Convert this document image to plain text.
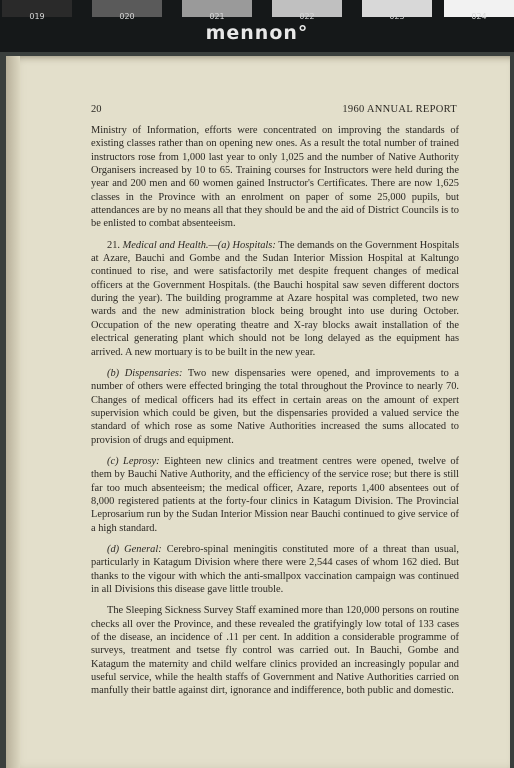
019	020	021	022	023	024
mennon°
20	1960 ANNUAL REPORT

Ministry of Information, efforts were concentrated on improving the standards of existing classes rather than on opening new ones. As a result the total number of trained instructors rose from 1,000 last year to only 1,025 and the number of Native Authority Organisers increased by 10 to 65. Training courses for Instructors were held during the year and 200 men and 60 women gained Instructor's Certificates. There are now 1,625 classes in the Province with an enrolment on paper of some 25,000 pupils, but attendances are by no means all that they should be and the aid of District Councils is to be enlisted to combat absenteeism.

21. Medical and Health.—(a) Hospitals: The demands on the Government Hospitals at Azare, Bauchi and Gombe and the Sudan Interior Mission Hospital at Kaltungo continued to rise, and were satisfactorily met despite frequent changes of medical officers at the Government Hospitals. (the Bauchi hospital saw seven different doctors during the year). The building programme at Azare hospital was completed, two new wards and the new administration block being brought into use during October. Occupation of the new operating theatre and X-ray blocks await installation of the electrical generating plant which should not be long delayed as the equipment has arrived. A new mortuary is to be built in the new year.

(b) Dispensaries: Two new dispensaries were opened, and improvements to a number of others were effected bringing the total throughout the Province to nearly 70. Changes of medical officers had its effect in certain areas on the amount of expert supervision which could be given, but the dispensaries provided a valued service the standard of which rose as some Native Authorities increased the sums allocated to provision of drugs and equipment.

(c) Leprosy: Eighteen new clinics and treatment centres were opened, twelve of them by Bauchi Native Authority, and the efficiency of the service rose; but there is still far too much absenteeism; the medical officer, Azare, reports 1,400 absentees out of 8,000 registered patients at the forty-four clinics in Katagum Division. The Provincial Leprosarium run by the Sudan Interior Mission near Bauchi continued to give service of a high standard.

(d) General: Cerebro-spinal meningitis constituted more of a threat than usual, particularly in Katagum Division where there were 2,544 cases of whom 162 died. But thanks to the vigour with which the anti-smallpox vaccination campaign was continued in all Divisions this disease gave little trouble.

The Sleeping Sickness Survey Staff examined more than 120,000 persons on routine checks all over the Province, and these revealed the gratifyingly low total of 133 cases of the disease, an incidence of .11 per cent. In addition a considerable programme of surveys, treatment and tsetse fly control was carried out. In Bauchi, Gombe and Katagum the maternity and child welfare clinics provided an increasingly popular and useful service, while the health staffs of Government and Native Authorities carried on manfully their battle against dirt, ignorance and indifference, both public and domestic.
